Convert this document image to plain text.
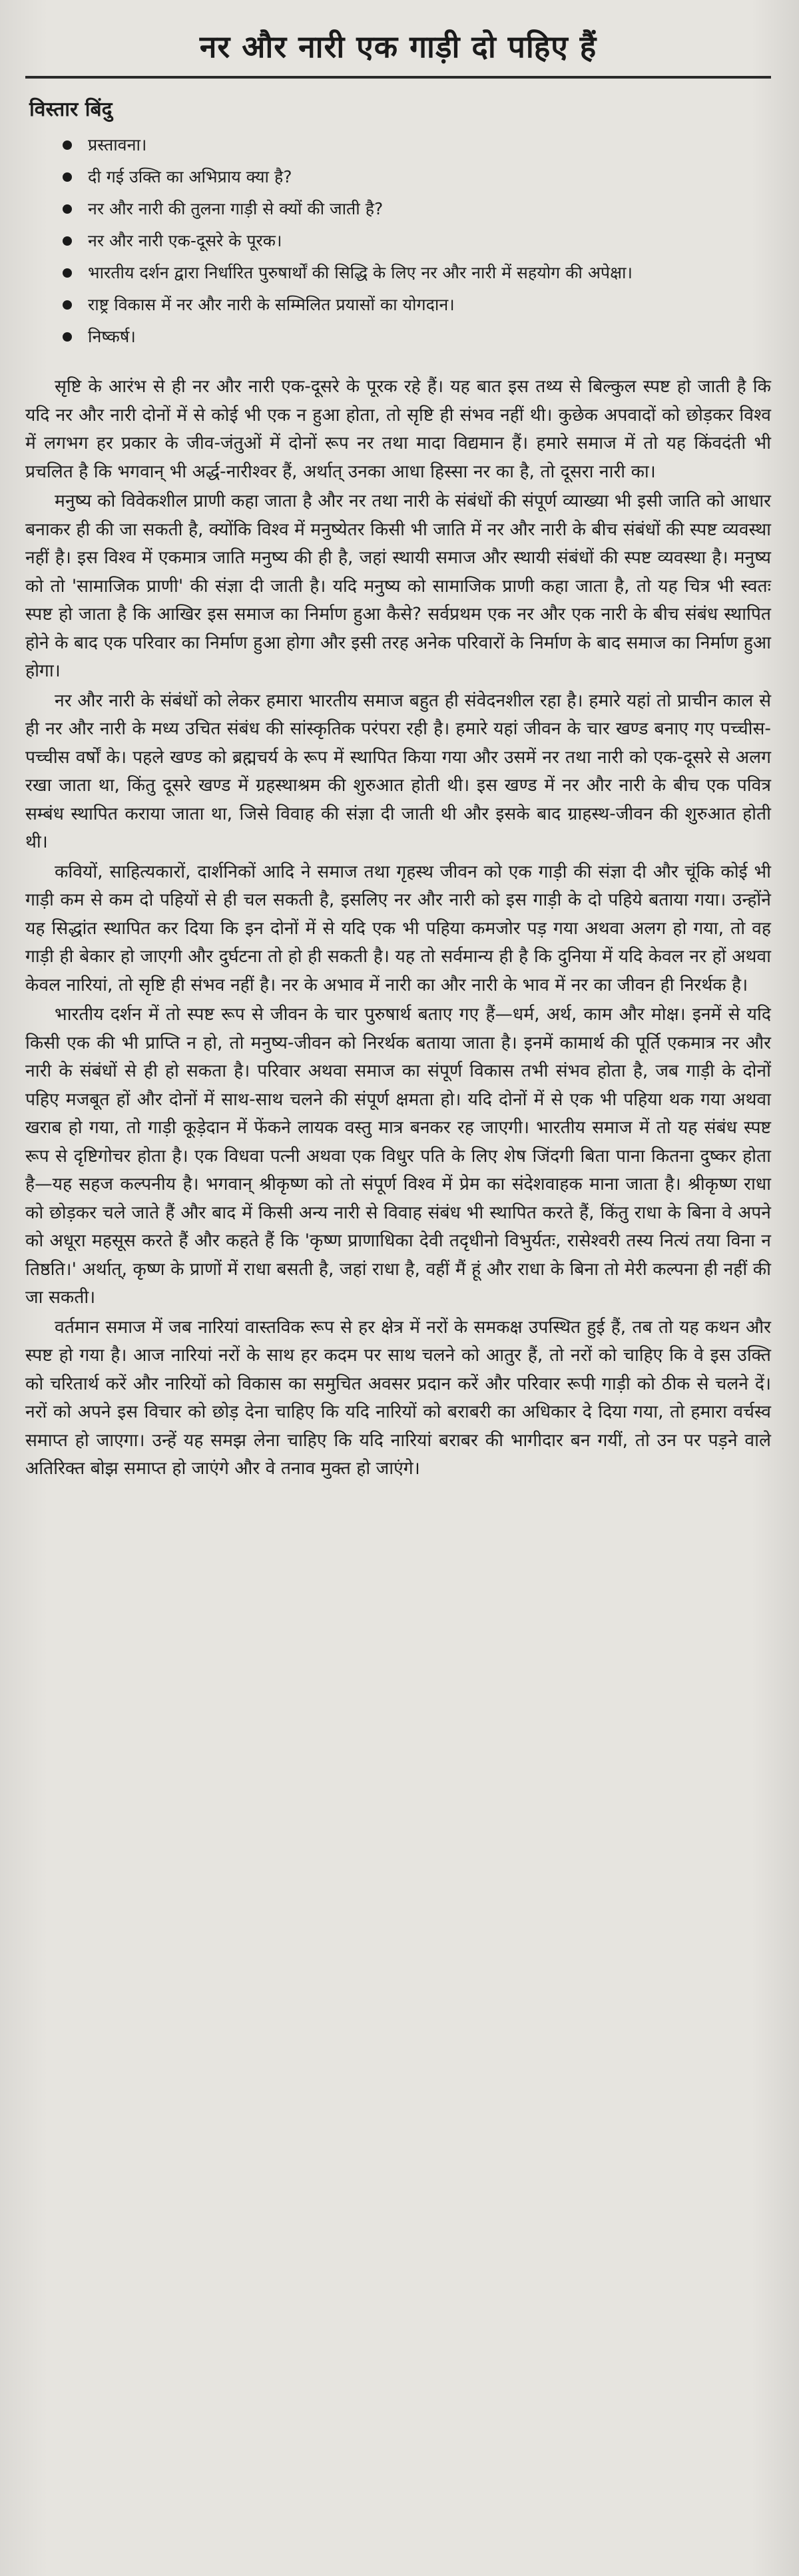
नर और नारी एक गाड़ी दो पहिए हैं
विस्तार बिंदु
प्रस्तावना।
दी गई उक्ति का अभिप्राय क्या है?
नर और नारी की तुलना गाड़ी से क्यों की जाती है?
नर और नारी एक-दूसरे के पूरक।
भारतीय दर्शन द्वारा निर्धारित पुरुषार्थों की सिद्धि के लिए नर और नारी में सहयोग की अपेक्षा।
राष्ट्र विकास में नर और नारी के सम्मिलित प्रयासों का योगदान।
निष्कर्ष।

सृष्टि के आरंभ से ही नर और नारी एक-दूसरे के पूरक रहे हैं। यह बात इस तथ्य से बिल्कुल स्पष्ट हो जाती है कि यदि नर और नारी दोनों में से कोई भी एक न हुआ होता, तो सृष्टि ही संभव नहीं थी। कुछेक अपवादों को छोड़कर विश्व में लगभग हर प्रकार के जीव-जंतुओं में दोनों रूप नर तथा मादा विद्यमान हैं। हमारे समाज में तो यह किंवदंती भी प्रचलित है कि भगवान् भी अर्द्ध-नारीश्वर हैं, अर्थात् उनका आधा हिस्सा नर का है, तो दूसरा नारी का।

मनुष्य को विवेकशील प्राणी कहा जाता है और नर तथा नारी के संबंधों की संपूर्ण व्याख्या भी इसी जाति को आधार बनाकर ही की जा सकती है, क्योंकि विश्व में मनुष्येतर किसी भी जाति में नर और नारी के बीच संबंधों की स्पष्ट व्यवस्था नहीं है। इस विश्व में एकमात्र जाति मनुष्य की ही है, जहां स्थायी समाज और स्थायी संबंधों की स्पष्ट व्यवस्था है। मनुष्य को तो 'सामाजिक प्राणी' की संज्ञा दी जाती है। यदि मनुष्य को सामाजिक प्राणी कहा जाता है, तो यह चित्र भी स्वतः स्पष्ट हो जाता है कि आखिर इस समाज का निर्माण हुआ कैसे? सर्वप्रथम एक नर और एक नारी के बीच संबंध स्थापित होने के बाद एक परिवार का निर्माण हुआ होगा और इसी तरह अनेक परिवारों के निर्माण के बाद समाज का निर्माण हुआ होगा।

नर और नारी के संबंधों को लेकर हमारा भारतीय समाज बहुत ही संवेदनशील रहा है। हमारे यहां तो प्राचीन काल से ही नर और नारी के मध्य उचित संबंध की सांस्कृतिक परंपरा रही है। हमारे यहां जीवन के चार खण्ड बनाए गए पच्चीस-पच्चीस वर्षों के। पहले खण्ड को ब्रह्मचर्य के रूप में स्थापित किया गया और उसमें नर तथा नारी को एक-दूसरे से अलग रखा जाता था, किंतु दूसरे खण्ड में ग्रहस्थाश्रम की शुरुआत होती थी। इस खण्ड में नर और नारी के बीच एक पवित्र सम्बंध स्थापित कराया जाता था, जिसे विवाह की संज्ञा दी जाती थी और इसके बाद ग्राहस्थ-जीवन की शुरुआत होती थी।

कवियों, साहित्यकारों, दार्शनिकों आदि ने समाज तथा गृहस्थ जीवन को एक गाड़ी की संज्ञा दी और चूंकि कोई भी गाड़ी कम से कम दो पहियों से ही चल सकती है, इसलिए नर और नारी को इस गाड़ी के दो पहिये बताया गया। उन्होंने यह सिद्धांत स्थापित कर दिया कि इन दोनों में से यदि एक भी पहिया कमजोर पड़ गया अथवा अलग हो गया, तो वह गाड़ी ही बेकार हो जाएगी और दुर्घटना तो हो ही सकती है। यह तो सर्वमान्य ही है कि दुनिया में यदि केवल नर हों अथवा केवल नारियां, तो सृष्टि ही संभव नहीं है। नर के अभाव में नारी का और नारी के भाव में नर का जीवन ही निरर्थक है।

भारतीय दर्शन में तो स्पष्ट रूप से जीवन के चार पुरुषार्थ बताए गए हैं—धर्म, अर्थ, काम और मोक्ष। इनमें से यदि किसी एक की भी प्राप्ति न हो, तो मनुष्य-जीवन को निरर्थक बताया जाता है। इनमें कामार्थ की पूर्ति एकमात्र नर और नारी के संबंधों से ही हो सकता है। परिवार अथवा समाज का संपूर्ण विकास तभी संभव होता है, जब गाड़ी के दोनों पहिए मजबूत हों और दोनों में साथ-साथ चलने की संपूर्ण क्षमता हो। यदि दोनों में से एक भी पहिया थक गया अथवा खराब हो गया, तो गाड़ी कूड़ेदान में फेंकने लायक वस्तु मात्र बनकर रह जाएगी। भारतीय समाज में तो यह संबंध स्पष्ट रूप से दृष्टिगोचर होता है। एक विधवा पत्नी अथवा एक विधुर पति के लिए शेष जिंदगी बिता पाना कितना दुष्कर होता है—यह सहज कल्पनीय है। भगवान् श्रीकृष्ण को तो संपूर्ण विश्व में प्रेम का संदेशवाहक माना जाता है। श्रीकृष्ण राधा को छोड़कर चले जाते हैं और बाद में किसी अन्य नारी से विवाह संबंध भी स्थापित करते हैं, किंतु राधा के बिना वे अपने को अधूरा महसूस करते हैं और कहते हैं कि 'कृष्ण प्राणाधिका देवी तदृधीनो विभुर्यतः, रासेश्वरी तस्य नित्यं तया विना न तिष्ठति।' अर्थात्, कृष्ण के प्राणों में राधा बसती है, जहां राधा है, वहीं मैं हूं और राधा के बिना तो मेरी कल्पना ही नहीं की जा सकती।

वर्तमान समाज में जब नारियां वास्तविक रूप से हर क्षेत्र में नरों के समकक्ष उपस्थित हुई हैं, तब तो यह कथन और स्पष्ट हो गया है। आज नारियां नरों के साथ हर कदम पर साथ चलने को आतुर हैं, तो नरों को चाहिए कि वे इस उक्ति को चरितार्थ करें और नारियों को विकास का समुचित अवसर प्रदान करें और परिवार रूपी गाड़ी को ठीक से चलने दें। नरों को अपने इस विचार को छोड़ देना चाहिए कि यदि नारियों को बराबरी का अधिकार दे दिया गया, तो हमारा वर्चस्व समाप्त हो जाएगा। उन्हें यह समझ लेना चाहिए कि यदि नारियां बराबर की भागीदार बन गयीं, तो उन पर पड़ने वाले अतिरिक्त बोझ समाप्त हो जाएंगे और वे तनाव मुक्त हो जाएंगे।
